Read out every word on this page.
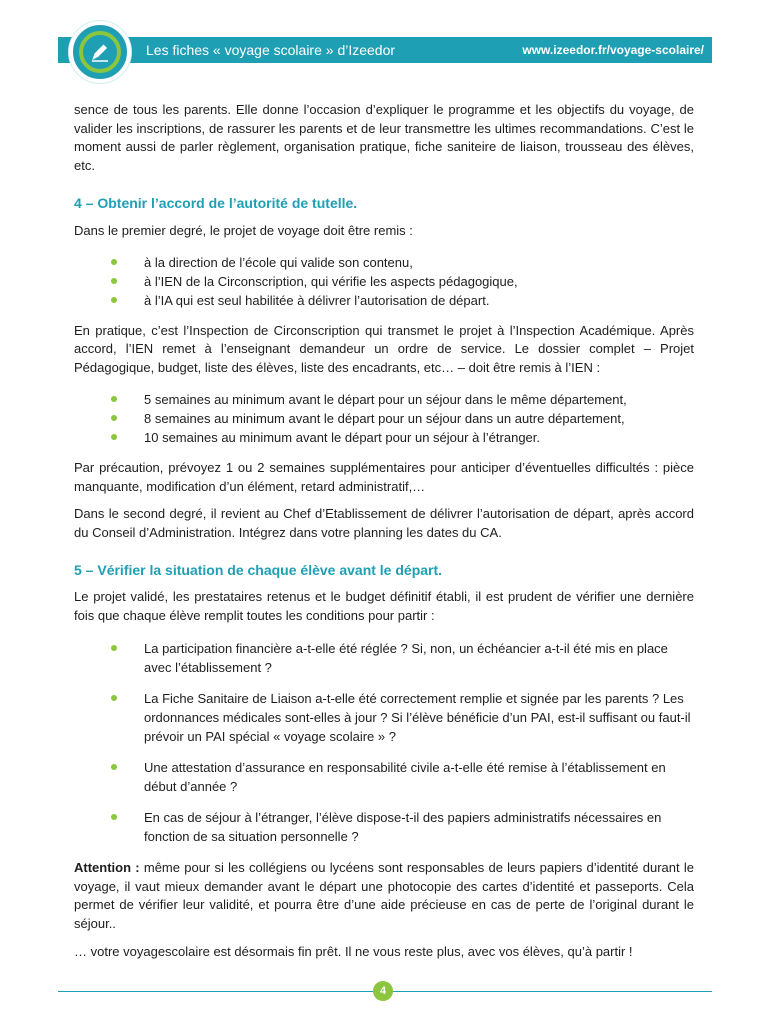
Les fiches « voyage scolaire » d’Izeedor	www.izeedor.fr/voyage-scolaire/

sence de tous les parents. Elle donne l’occasion d’expliquer le programme et les objectifs du voyage, de valider les inscriptions, de rassurer les parents et de leur transmettre les ultimes recommandations. C’est le moment aussi de parler règlement, organisation pratique, fiche saniteire de liaison, trousseau des élèves, etc.

4 – Obtenir l’accord de l’autorité de tutelle.

Dans le premier degré, le projet de voyage doit être remis :

à la direction de l’école qui valide son contenu,
à l’IEN de la Circonscription, qui vérifie les aspects pédagogique,
à l’IA qui est seul habilitée à délivrer l’autorisation de départ.

En pratique, c’est l’Inspection de Circonscription qui transmet le projet à l’Inspection Académique. Après accord, l’IEN remet à l’enseignant demandeur un ordre de service. Le dossier complet – Projet Pédagogique, budget, liste des élèves, liste des encadrants, etc… – doit être remis à l’IEN :

5 semaines au minimum avant le départ pour un séjour dans le même département,
8 semaines au minimum avant le départ pour un séjour dans un autre département,
10 semaines au minimum avant le départ pour un séjour à l’étranger.

Par précaution, prévoyez 1 ou 2 semaines supplémentaires pour anticiper d’éventuelles difficultés : pièce manquante, modification d’un élément, retard administratif,…

Dans le second degré, il revient au Chef d’Etablissement de délivrer l’autorisation de départ, après accord du Conseil d’Administration. Intégrez dans votre planning les dates du CA.

5 – Vérifier la situation de chaque élève avant le départ.

Le projet validé, les prestataires retenus et le budget définitif établi, il est prudent de vérifier une dernière fois que chaque élève remplit toutes les conditions pour partir :

La participation financière a-t-elle été réglée ? Si, non, un échéancier a-t-il été mis en place avec l’établissement ?
La Fiche Sanitaire de Liaison a-t-elle été correctement remplie et signée par les parents ? Les ordonnances médicales sont-elles à jour ? Si l’élève bénéficie d’un PAI, est-il suffisant ou faut-il prévoir un PAI spécial « voyage scolaire » ?
Une attestation d’assurance en responsabilité civile a-t-elle été remise à l’établissement en début d’année ?
En cas de séjour à l’étranger, l’élève dispose-t-il des papiers administratifs nécessaires en fonction de sa situation personnelle ?

Attention : même pour si les collégiens ou lycéens sont responsables de leurs papiers d’identité durant le voyage, il vaut mieux demander avant le départ une photocopie des cartes d’identité et passeports. Cela permet de vérifier leur validité, et pourra être d’une aide précieuse en cas de perte de l’original durant le séjour..

… votre voyagescolaire est désormais fin prêt. Il ne vous reste plus, avec vos élèves, qu’à partir !

4
